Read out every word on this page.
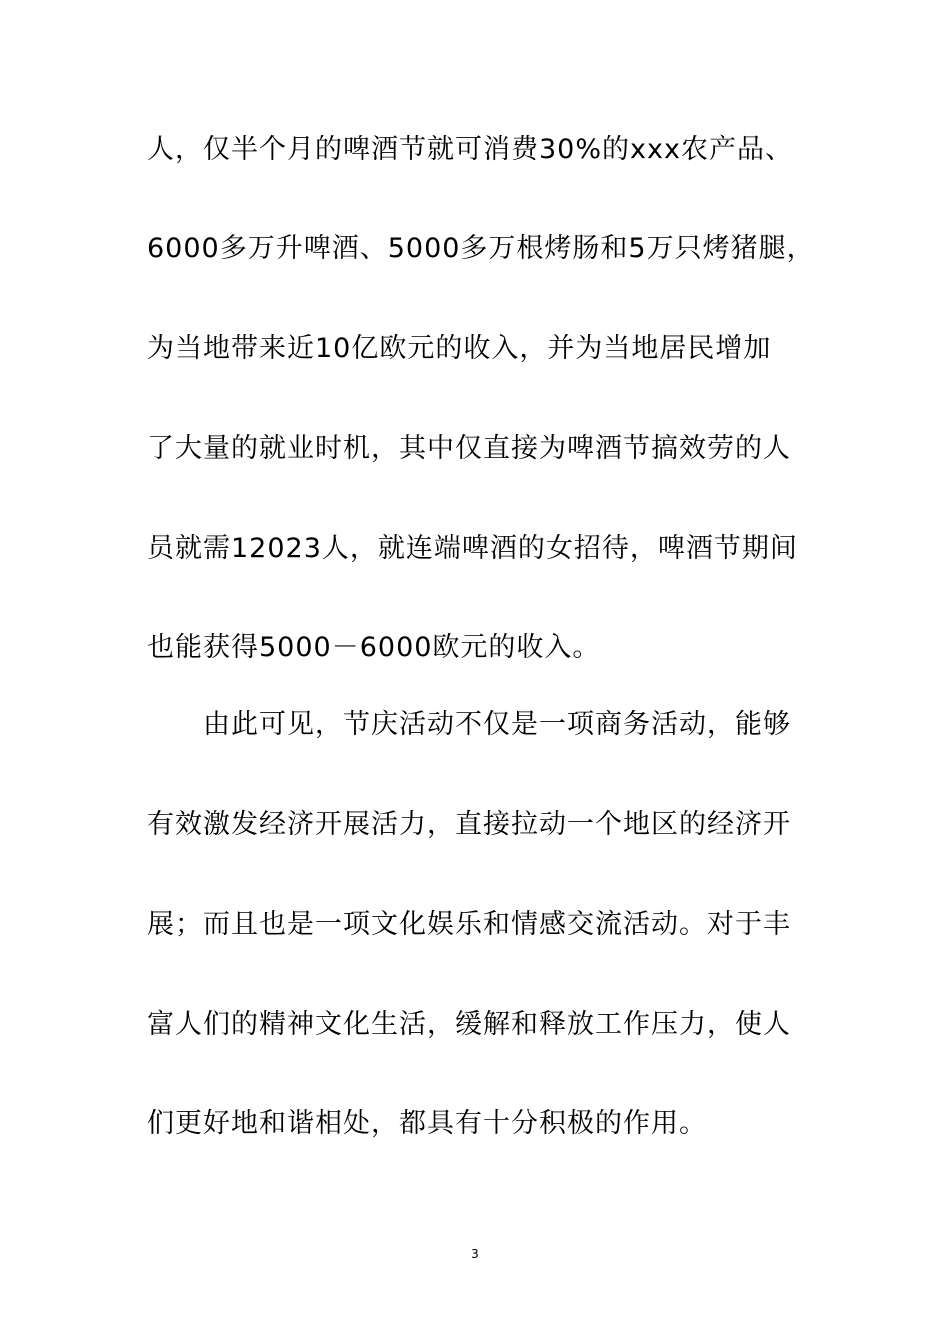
人，仅半个月的啤酒节就可消费30%的xxx农产品、
6000多万升啤酒、5000多万根烤肠和5万只烤猪腿，
为当地带来近10亿欧元的收入，并为当地居民增加
了大量的就业时机，其中仅直接为啤酒节搞效劳的人
员就需12023人，就连端啤酒的女招待，啤酒节期间
也能获得5000－6000欧元的收入。
由此可见，节庆活动不仅是一项商务活动，能够
有效激发经济开展活力，直接拉动一个地区的经济开
展；而且也是一项文化娱乐和情感交流活动。对于丰
富人们的精神文化生活，缓解和释放工作压力，使人
们更好地和谐相处，都具有十分积极的作用。
3
